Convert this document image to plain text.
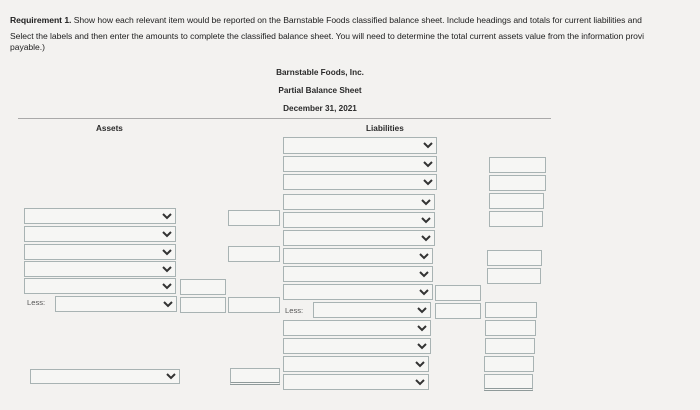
Requirement 1. Show how each relevant item would be reported on the Barnstable Foods classified balance sheet. Include headings and totals for current liabilities and
Select the labels and then enter the amounts to complete the classified balance sheet. You will need to determine the total current assets value from the information provi
payable.)
Barnstable Foods, Inc.
Partial Balance Sheet
December 31, 2021
Assets	Liabilities
Less:
Less:
